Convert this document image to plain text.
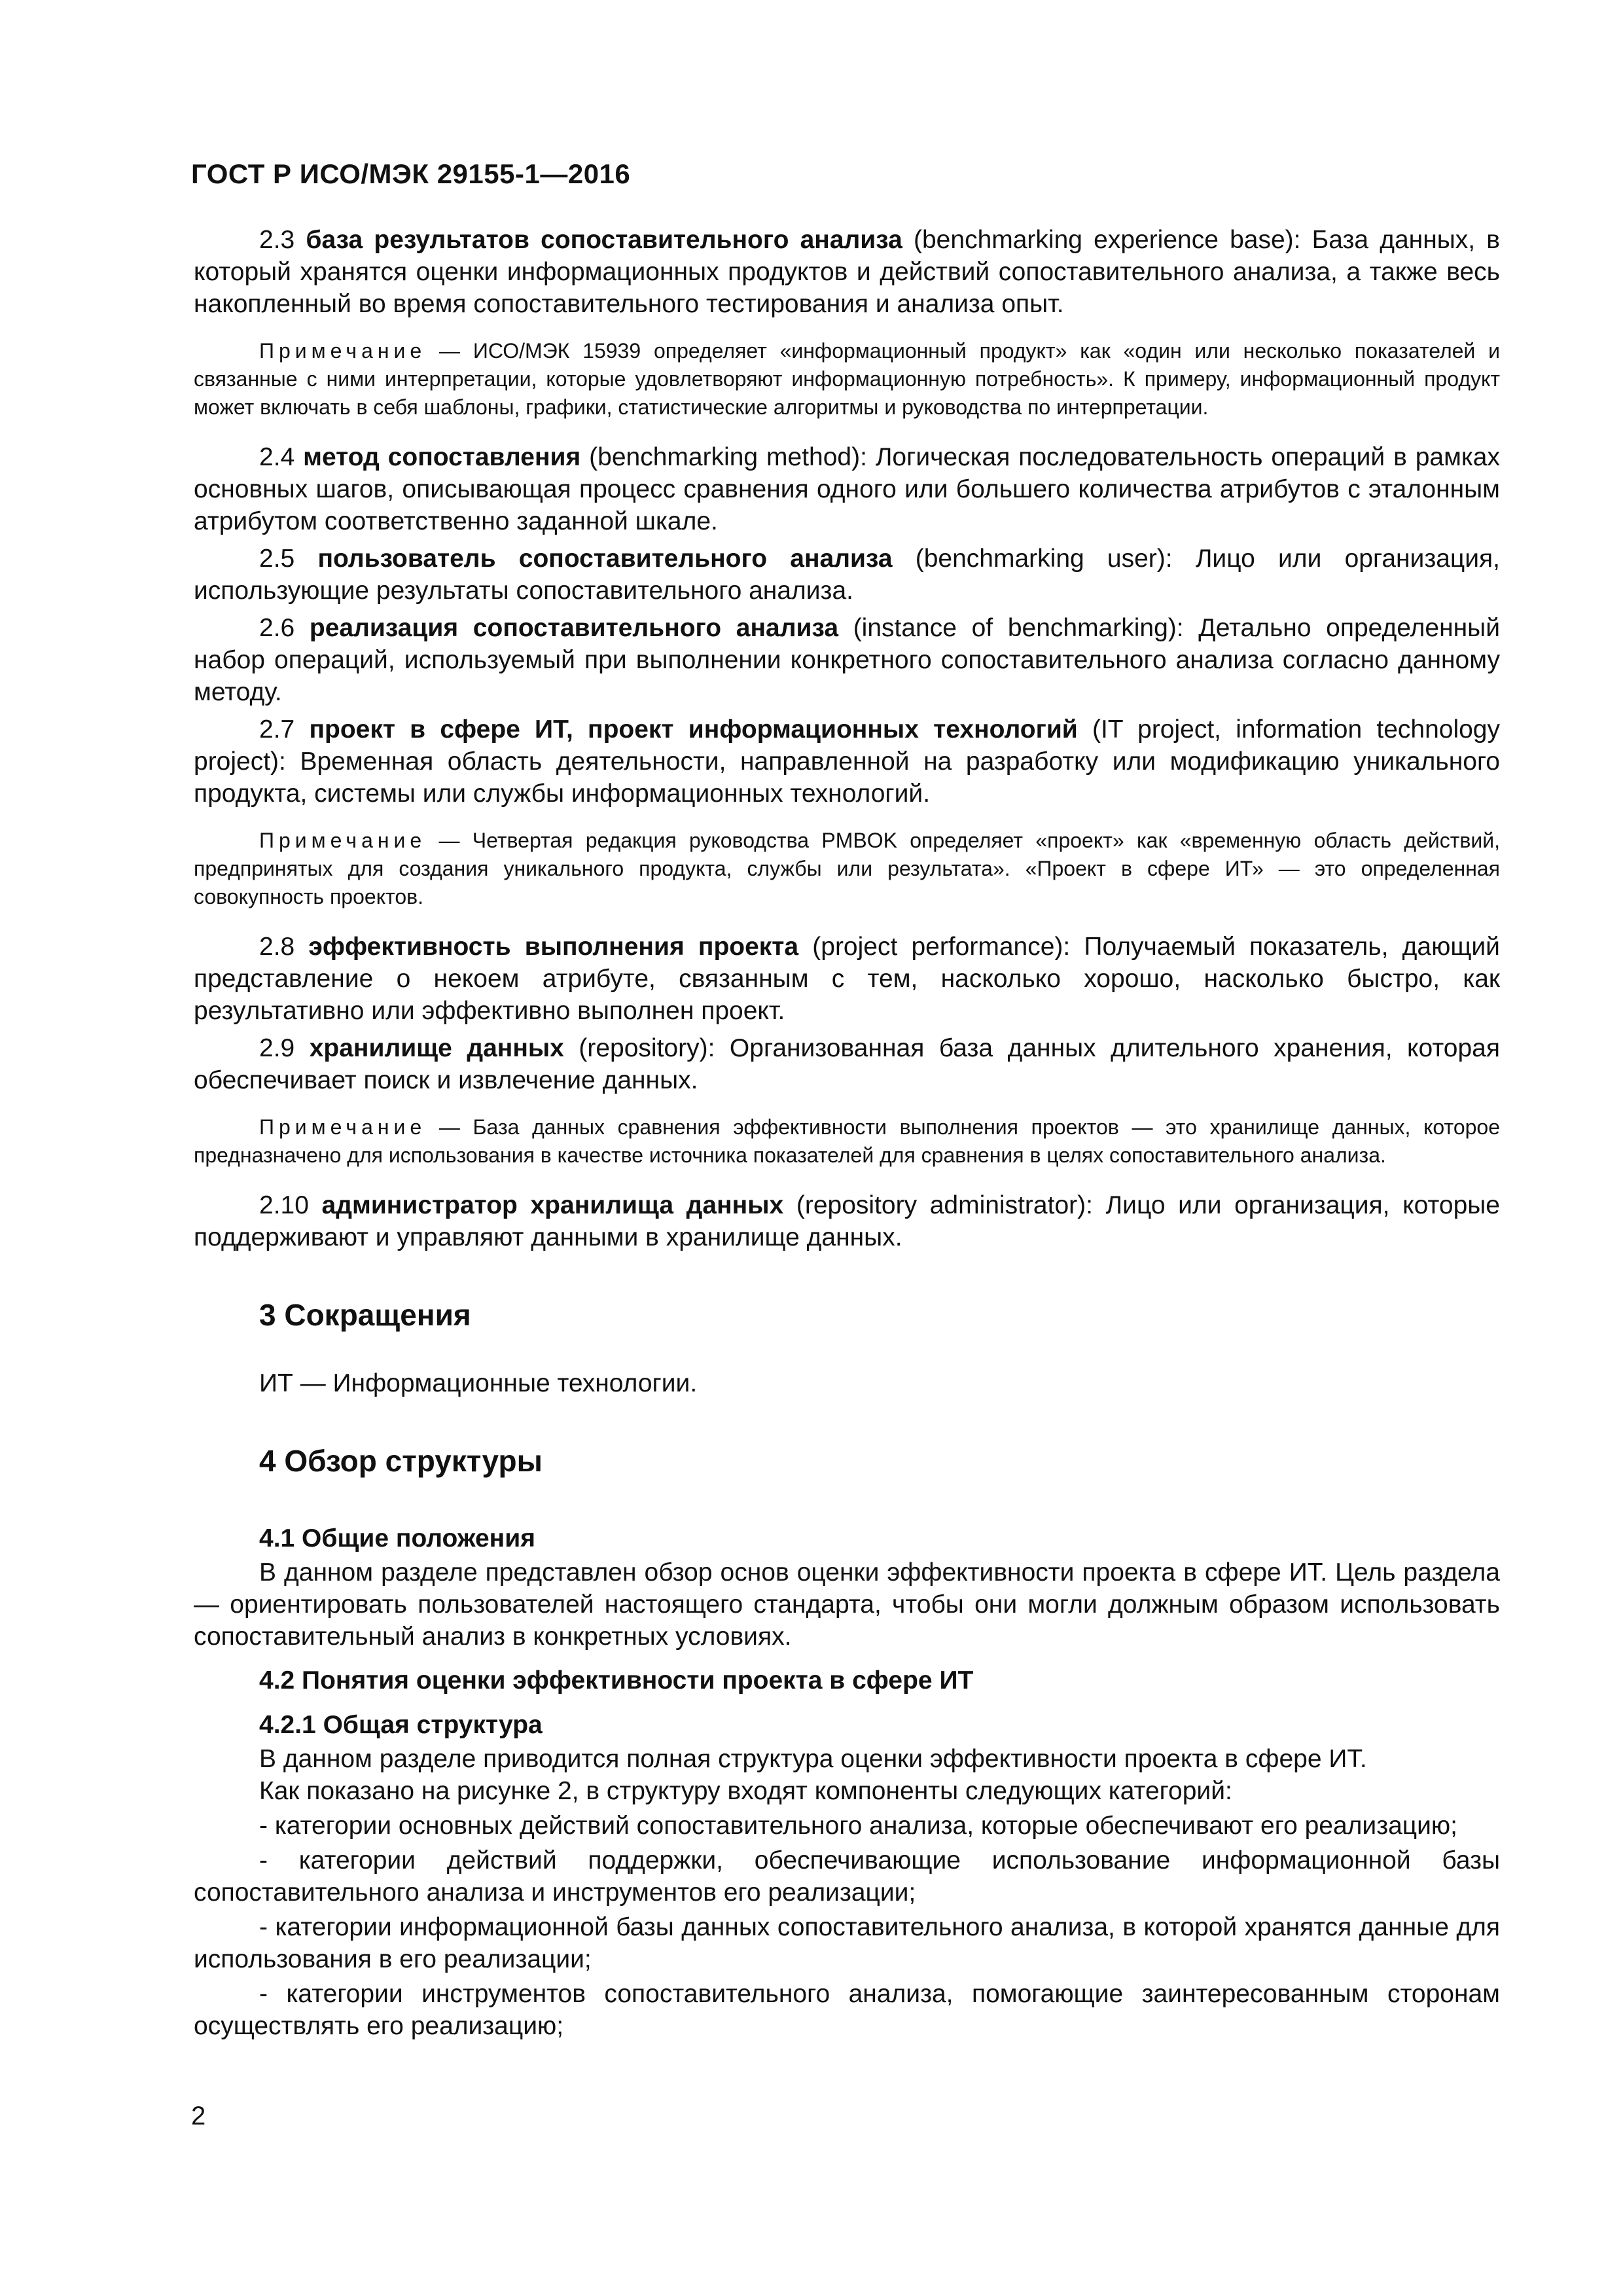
ГОСТ Р ИСО/МЭК 29155-1—2016

2.3 база результатов сопоставительного анализа (benchmarking experience base): База данных, в который хранятся оценки информационных продуктов и действий сопоставительного анализа, а также весь накопленный во время сопоставительного тестирования и анализа опыт.

Примечание — ИСО/МЭК 15939 определяет «информационный продукт» как «один или несколько показателей и связанные с ними интерпретации, которые удовлетворяют информационную потребность». К примеру, информационный продукт может включать в себя шаблоны, графики, статистические алгоритмы и руководства по интерпретации.

2.4 метод сопоставления (benchmarking method): Логическая последовательность операций в рамках основных шагов, описывающая процесс сравнения одного или большего количества атрибутов с эталонным атрибутом соответственно заданной шкале.

2.5 пользователь сопоставительного анализа (benchmarking user): Лицо или организация, использующие результаты сопоставительного анализа.

2.6 реализация сопоставительного анализа (instance of benchmarking): Детально определенный набор операций, используемый при выполнении конкретного сопоставительного анализа согласно данному методу.

2.7 проект в сфере ИТ, проект информационных технологий (IT project, information technology project): Временная область деятельности, направленной на разработку или модификацию уникального продукта, системы или службы информационных технологий.

Примечание — Четвертая редакция руководства PMBOK определяет «проект» как «временную область действий, предпринятых для создания уникального продукта, службы или результата». «Проект в сфере ИТ» — это определенная совокупность проектов.

2.8 эффективность выполнения проекта (project performance): Получаемый показатель, дающий представление о некоем атрибуте, связанным с тем, насколько хорошо, насколько быстро, как результативно или эффективно выполнен проект.

2.9 хранилище данных (repository): Организованная база данных длительного хранения, которая обеспечивает поиск и извлечение данных.

Примечание — База данных сравнения эффективности выполнения проектов — это хранилище данных, которое предназначено для использования в качестве источника показателей для сравнения в целях сопоставительного анализа.

2.10 администратор хранилища данных (repository administrator): Лицо или организация, которые поддерживают и управляют данными в хранилище данных.

3 Сокращения
ИТ — Информационные технологии.
4 Обзор структуры
4.1 Общие положения

В данном разделе представлен обзор основ оценки эффективности проекта в сфере ИТ. Цель раздела — ориентировать пользователей настоящего стандарта, чтобы они могли должным образом использовать сопоставительный анализ в конкретных условиях.

4.2 Понятия оценки эффективности проекта в сфере ИТ
4.2.1 Общая структура

В данном разделе приводится полная структура оценки эффективности проекта в сфере ИТ.

Как показано на рисунке 2, в структуру входят компоненты следующих категорий:

- категории основных действий сопоставительного анализа, которые обеспечивают его реализацию;

- категории действий поддержки, обеспечивающие использование информационной базы сопоставительного анализа и инструментов его реализации;

- категории информационной базы данных сопоставительного анализа, в которой хранятся данные для использования в его реализации;

- категории инструментов сопоставительного анализа, помогающие заинтересованным сторонам осуществлять его реализацию;

2
